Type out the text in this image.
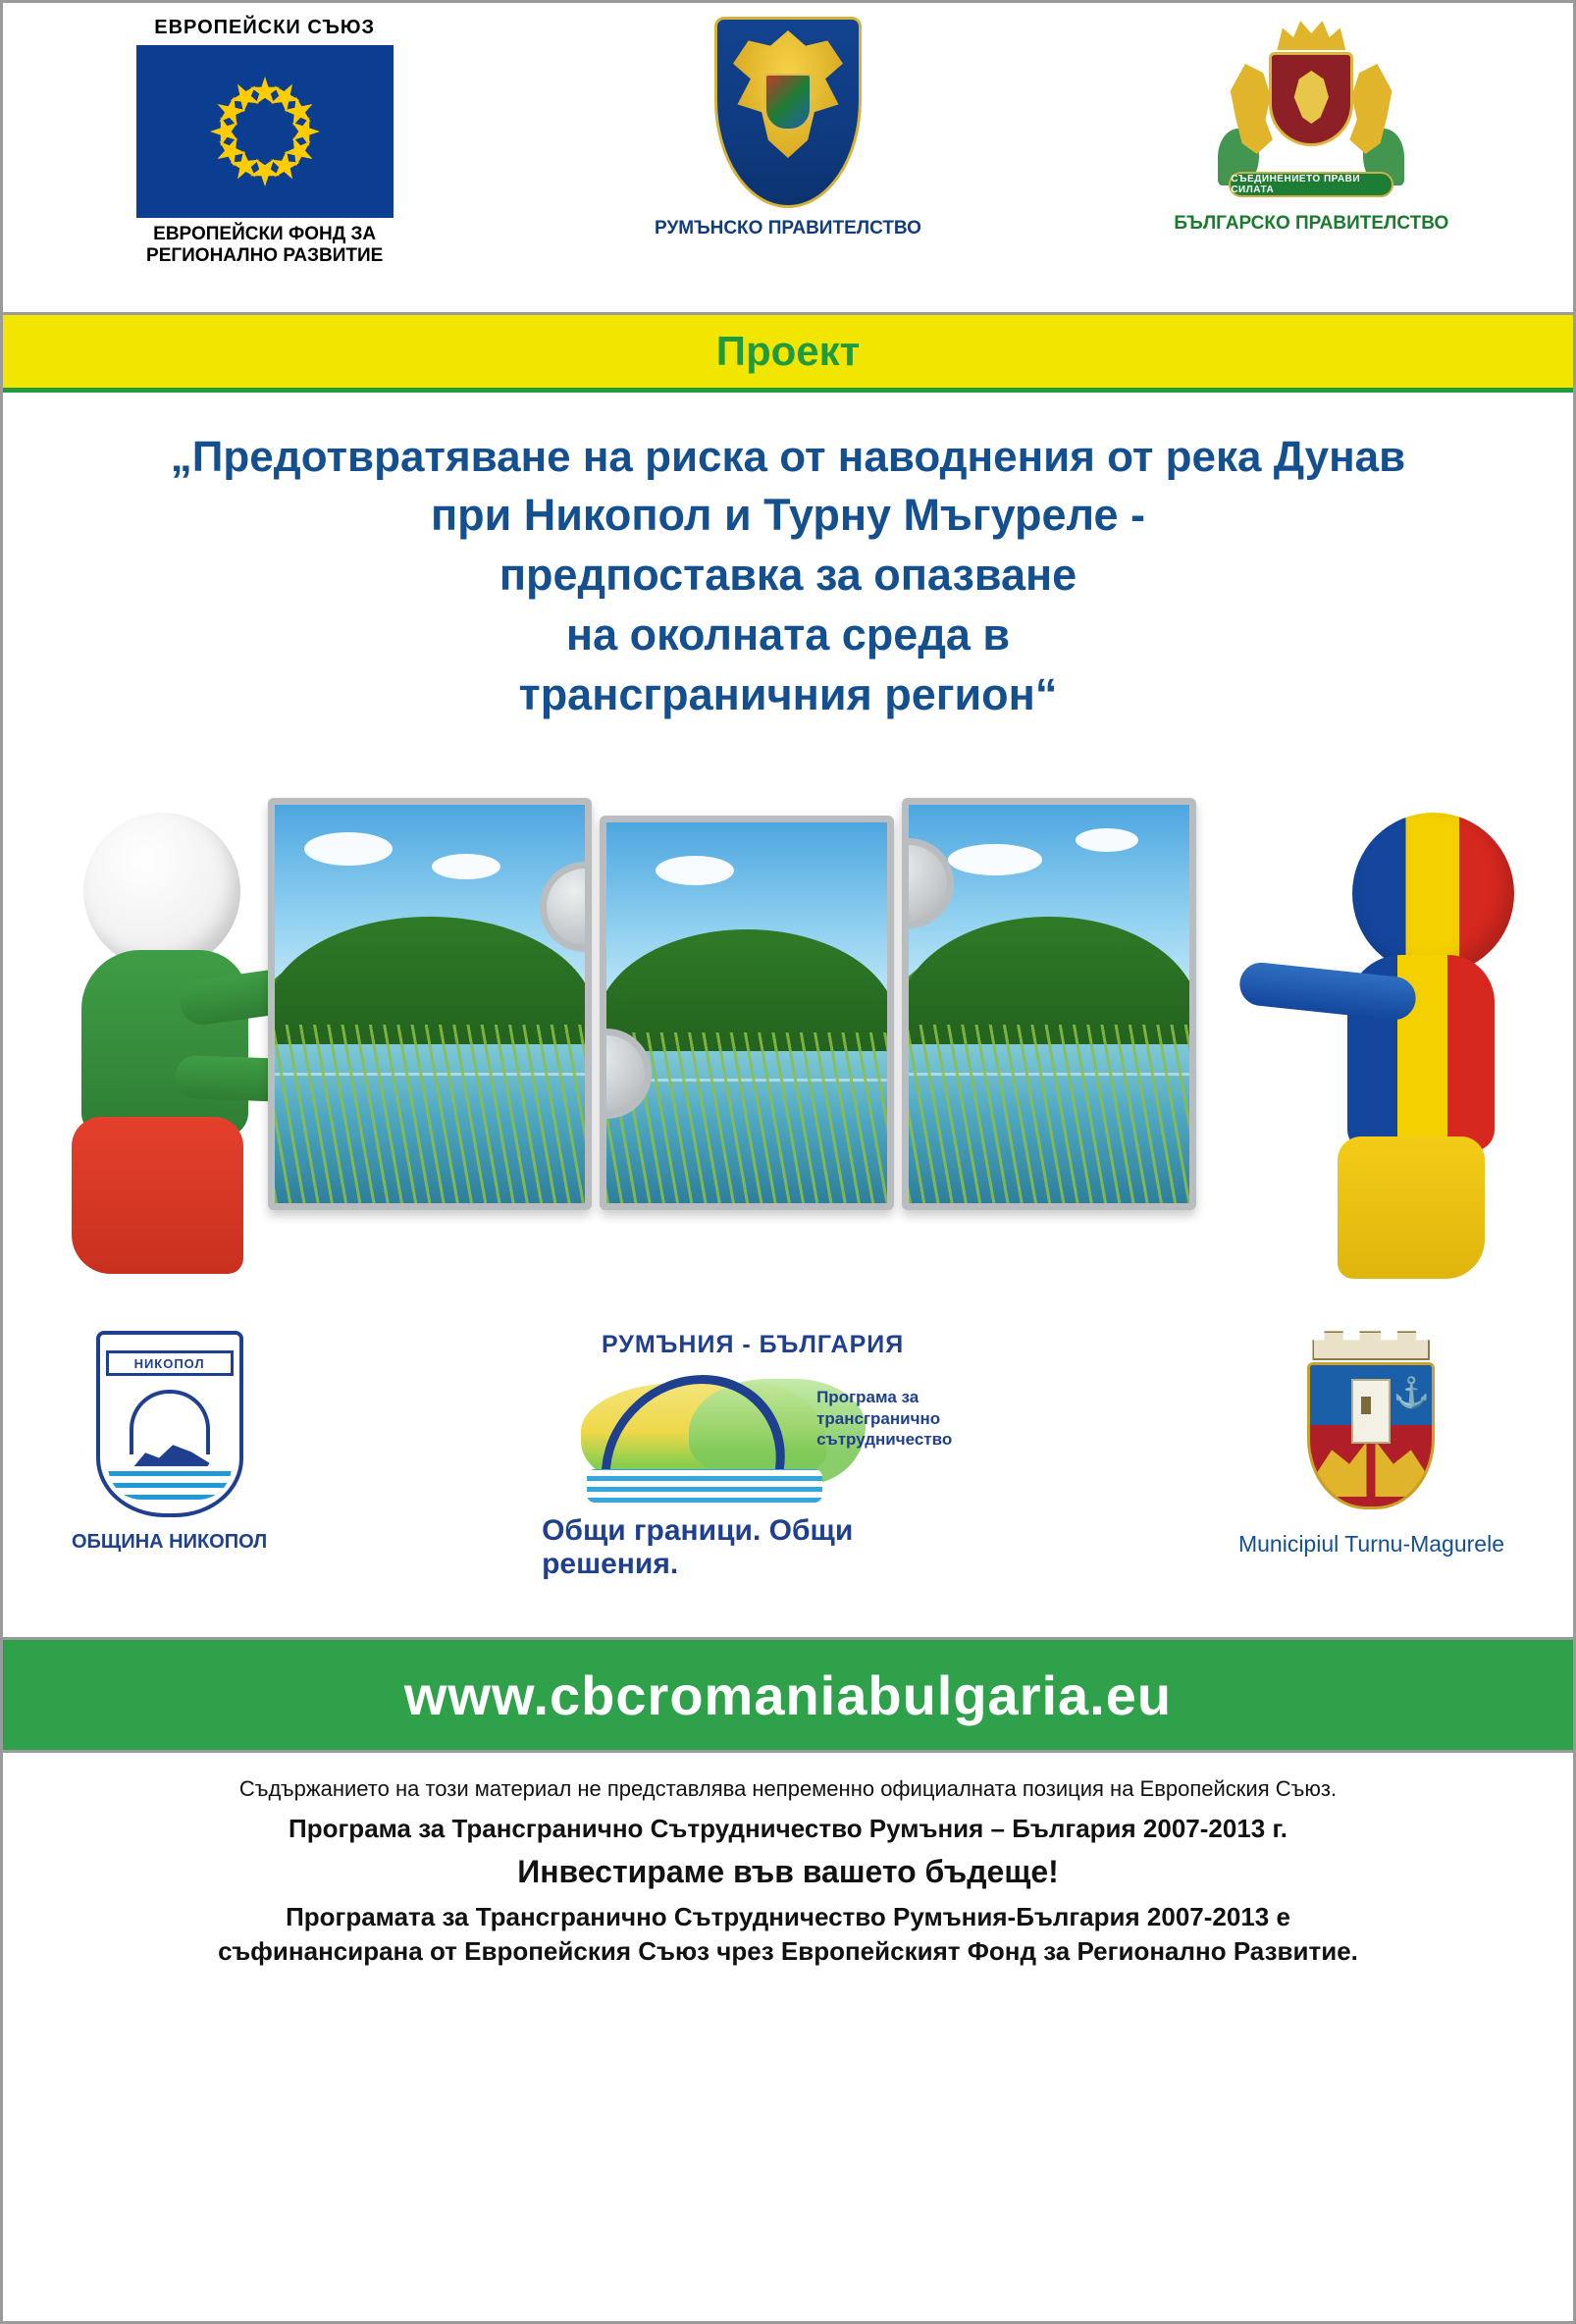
ЕВРОПЕЙСКИ СЪЮЗ
ЕВРОПЕЙСКИ ФОНД ЗА
РЕГИОНАЛНО РАЗВИТИЕ
РУМЪНСКО ПРАВИТЕЛСТВО
СЪЕДИНЕНИЕТО ПРАВИ СИЛАТА
БЪЛГАРСКО ПРАВИТЕЛСТВО
Проект
„Предотвратяване на риска от наводнения от река Дунав
при Никопол и Турну Мъгуреле -
предпоставка за опазване
на околната среда в
трансграничния регион“
НИКОПОЛ
ОБЩИНА НИКОПОЛ
РУМЪНИЯ - БЪЛГАРИЯ
Програма за
трансгранично
сътрудничество
Общи граници. Общи решения.
⚓
Municipiul Turnu-Magurele
www.cbcromaniabulgaria.eu
Съдържанието на този материал не представлява непременно официалната позиция на Европейския Съюз.
Програма за Трансгранично Сътрудничество Румъния – България 2007-2013 г.
Инвестираме във вашето бъдеще!
Програмата за Трансгранично Сътрудничество Румъния-България 2007-2013 е
съфинансирана от Европейския Съюз чрез Европейският Фонд за Регионално Развитие.
